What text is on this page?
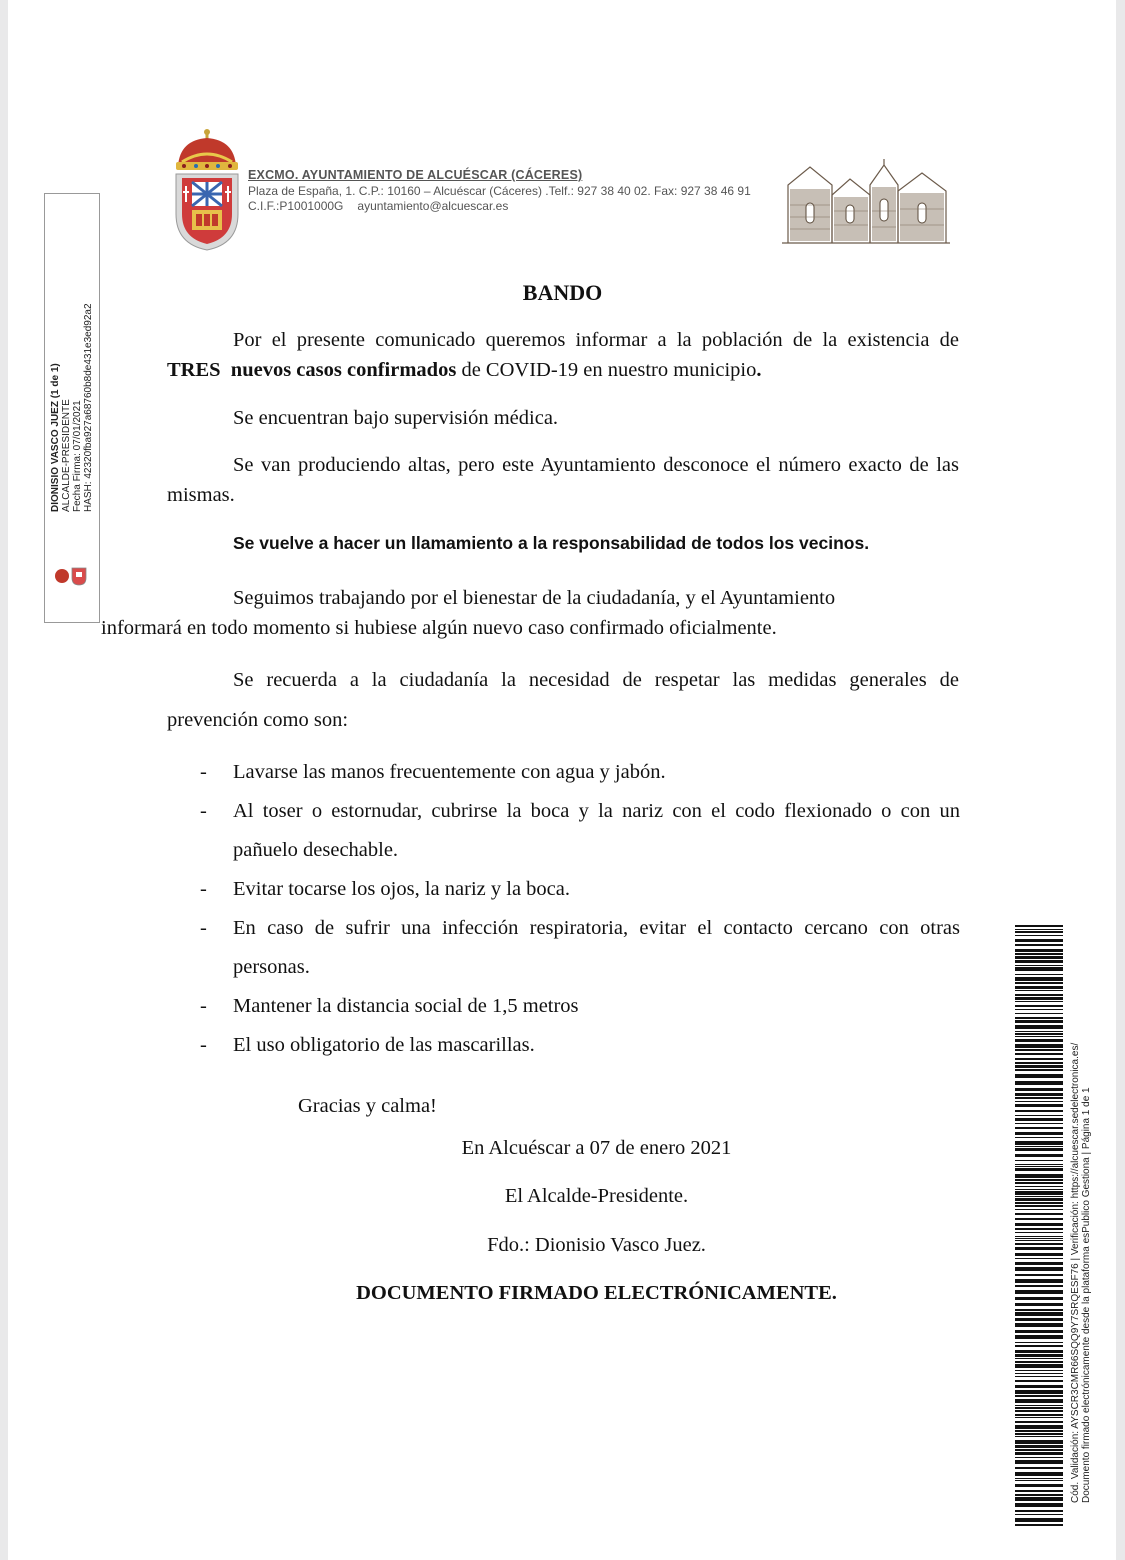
EXCMO. AYUNTAMIENTO DE ALCUÉSCAR (CÁCERES)
Plaza de España, 1. C.P.: 10160 – Alcuéscar (Cáceres) .Telf.: 927 38 40 02. Fax: 927 38 46 91
C.I.F.:P1001000G ayuntamiento@alcuescar.es
DIONISIO VASCO JUEZ (1 de 1) ALCALDE-PRESIDENTE Fecha Firma: 07/01/2021 HASH: 42320fba927a68760b8de431e3ed92a2
BANDO
Por el presente comunicado queremos informar a la población de la existencia de TRES  nuevos casos confirmados de COVID-19 en nuestro municipio.
Se encuentran bajo supervisión médica.
Se van produciendo altas, pero este Ayuntamiento desconoce el número exacto de las mismas.
Se vuelve a hacer un llamamiento a la responsabilidad de todos los vecinos.
Seguimos trabajando por el bienestar de la ciudadanía, y el Ayuntamiento
informará en todo momento si hubiese algún nuevo caso confirmado oficialmente.
Se recuerda a la ciudadanía la necesidad de respetar las medidas generales de prevención como son:
- Lavarse las manos frecuentemente con agua y jabón.
- Al toser o estornudar, cubrirse la boca y la nariz con el codo flexionado o con un pañuelo desechable.
- Evitar tocarse los ojos, la nariz y la boca.
- En caso de sufrir una infección respiratoria, evitar el contacto cercano con otras personas.
- Mantener la distancia social de 1,5 metros
- El uso obligatorio de las mascarillas.
Gracias y calma!
En Alcuéscar a 07 de enero 2021
El Alcalde-Presidente.
Fdo.: Dionisio Vasco Juez.
DOCUMENTO FIRMADO ELECTRÓNICAMENTE.	Cód. Validación: AYSCR3CMR66SQQ9Y7SRQESF76 | Verificación: https://alcuescar.sedelectronica.es/ Documento firmado electrónicamente desde la plataforma esPublico Gestiona | Página 1 de 1
